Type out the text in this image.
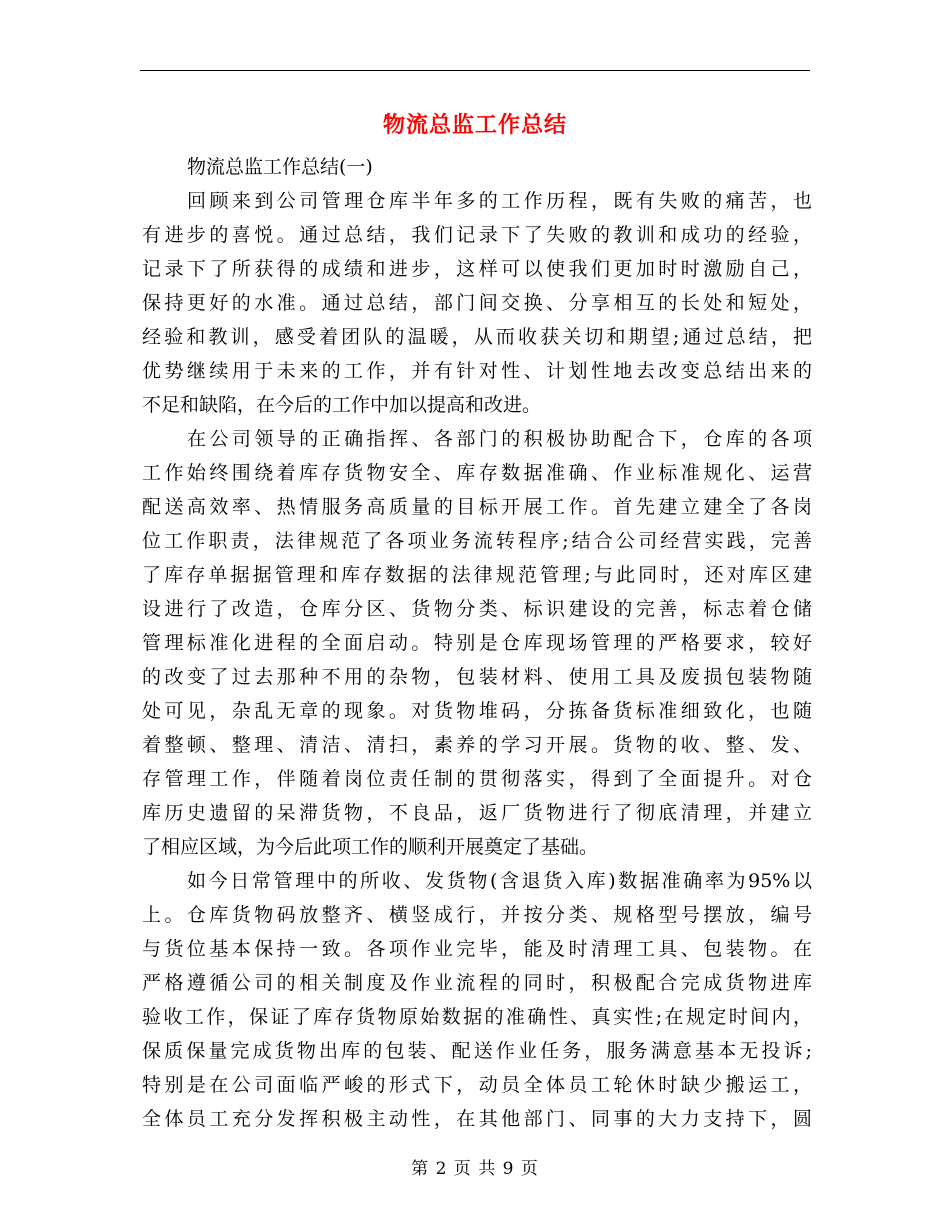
物流总监工作总结
物流总监工作总结(一)
回顾来到公司管理仓库半年多的工作历程，既有失败的痛苦，也
有进步的喜悦。通过总结，我们记录下了失败的教训和成功的经验，
记录下了所获得的成绩和进步，这样可以使我们更加时时激励自己，
保持更好的水准。通过总结，部门间交换、分享相互的长处和短处，
经验和教训，感受着团队的温暖，从而收获关切和期望;通过总结，把
优势继续用于未来的工作，并有针对性、计划性地去改变总结出来的
不足和缺陷，在今后的工作中加以提高和改进。
在公司领导的正确指挥、各部门的积极协助配合下，仓库的各项
工作始终围绕着库存货物安全、库存数据准确、作业标准规化、运营
配送高效率、热情服务高质量的目标开展工作。首先建立建全了各岗
位工作职责，法律规范了各项业务流转程序;结合公司经营实践，完善
了库存单据据管理和库存数据的法律规范管理;与此同时，还对库区建
设进行了改造，仓库分区、货物分类、标识建设的完善，标志着仓储
管理标准化进程的全面启动。特别是仓库现场管理的严格要求，较好
的改变了过去那种不用的杂物，包装材料、使用工具及废损包装物随
处可见，杂乱无章的现象。对货物堆码，分拣备货标准细致化，也随
着整顿、整理、清洁、清扫，素养的学习开展。货物的收、整、发、
存管理工作，伴随着岗位责任制的贯彻落实，得到了全面提升。对仓
库历史遗留的呆滞货物，不良品，返厂货物进行了彻底清理，并建立
了相应区域，为今后此项工作的顺利开展奠定了基础。
如今日常管理中的所收、发货物(含退货入库)数据准确率为95%以
上。仓库货物码放整齐、横竖成行，并按分类、规格型号摆放，编号
与货位基本保持一致。各项作业完毕，能及时清理工具、包装物。在
严格遵循公司的相关制度及作业流程的同时，积极配合完成货物进库
验收工作，保证了库存货物原始数据的准确性、真实性;在规定时间内，
保质保量完成货物出库的包装、配送作业任务，服务满意基本无投诉;
特别是在公司面临严峻的形式下，动员全体员工轮休时缺少搬运工，
全体员工充分发挥积极主动性，在其他部门、同事的大力支持下，圆
第 2 页 共 9 页
